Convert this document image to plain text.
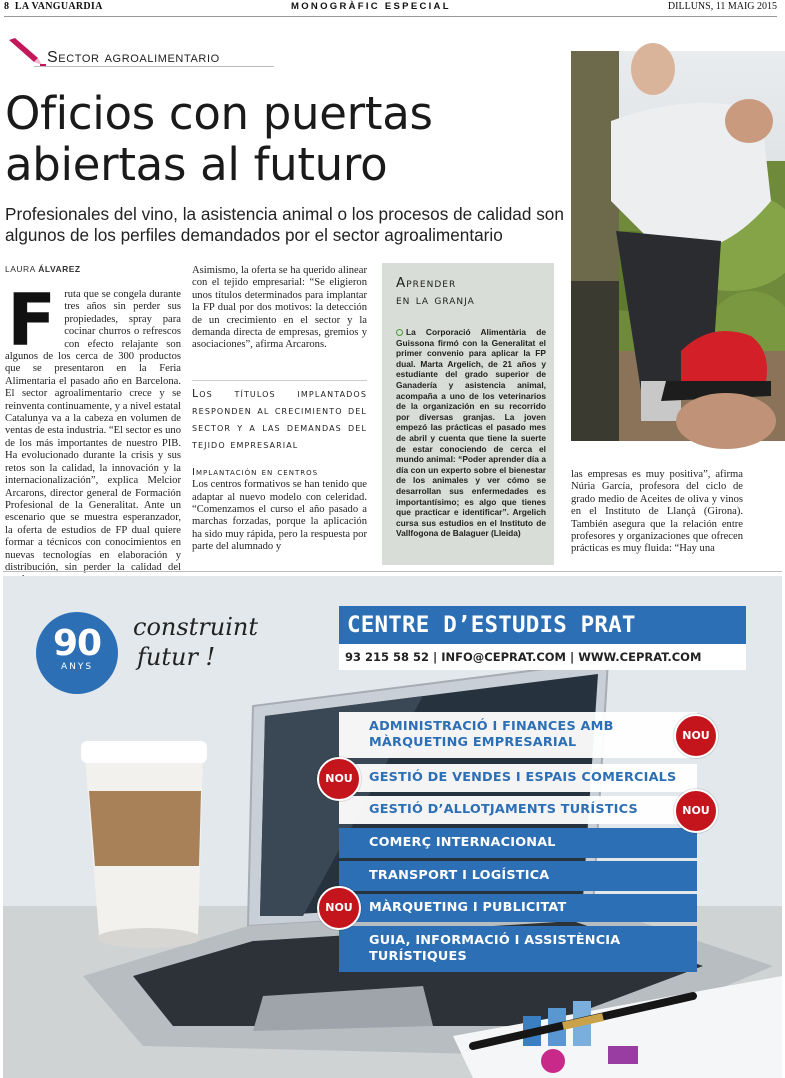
8 LA VANGUARDIA	MONOGRÀFIC ESPECIAL	DILLUNS, 11 MAIG 2015
Sector agroalimentario
Oficios con puertas
abiertas al futuro
Profesionales del vino, la asistencia animal o los procesos de calidad son algunos de los perfiles demandados por el sector agroalimentario
LAURA ÁLVAREZ
F ruta que se congela durante tres años sin perder sus propiedades, spray para cocinar churros o refrescos con efecto relajante son algunos de los cerca de 300 productos que se presentaron en la Feria Alimentaria el pasado año en Barcelona. El sector agroalimentario crece y se reinventa continuamente, y a nivel estatal Catalunya va a la cabeza en volumen de ventas de esta industria. “El sector es uno de los más importantes de nuestro PIB. Ha evolucionado durante la crisis y sus retos son la calidad, la innovación y la internacionalización”, explica Melcior Arcarons, director general de Formación Profesional de la Generalitat. Ante un escenario que se muestra esperanzador, la oferta de estudios de FP dual quiere formar a técnicos con conocimientos en nuevas tecnologías en elaboración y distribución, sin perder la calidad del

Asimismo, la oferta se ha querido alinear con el tejido empresarial: “Se eligieron unos títulos determinados para implantar la FP dual por dos motivos: la detección de un crecimiento en el sector y la demanda directa de empresas, gremios y asociaciones”, afirma Arcarons.

Los títulos implantados responden al crecimiento del sector y a las demandas del tejido empresarial
Implantación en centros

Los centros formativos se han tenido que adaptar al nuevo modelo con celeridad. “Comenzamos el curso el año pasado a marchas forzadas, porque la aplicación ha sido muy rápida, pero la respuesta por parte del alumnado y

Aprender
en la granja
La Corporació Alimentària de Guissona firmó con la Generalitat el primer convenio para aplicar la FP dual. Marta Argelich, de 21 años y estudiante del grado superior de Ganadería y asistencia animal, acompaña a uno de los veterinarios de la organización en su recorrido por diversas granjas. La joven empezó las prácticas el pasado mes de abril y cuenta que tiene la suerte de estar conociendo de cerca el mundo animal: “Poder aprender día a día con un experto sobre el bienestar de los animales y ver cómo se desarrollan sus enfermedades es importantísimo; es algo que tienes que practicar e identificar”. Argelich cursa sus estudios en el Instituto de Vallfogona de Balaguer (Lleida)
las empresas es muy positiva”, afirma Núria García, profesora del ciclo de grado medio de Aceites de oliva y vinos en el Instituto de Llançà (Girona). También asegura que la relación entre profesores y organizaciones que ofrecen prácticas es muy fluida: “Hay una
90
ANYS
construint
futur !
CENTRE D’ESTUDIS PRAT
93 215 58 52 | INFO@CEPRAT.COM | WWW.CEPRAT.COM
ADMINISTRACIÓ I FINANCES AMB
MÀRQUETING EMPRESARIAL
GESTIÓ DE VENDES I ESPAIS COMERCIALS
GESTIÓ D’ALLOTJAMENTS TURÍSTICS
COMERÇ INTERNACIONAL
TRANSPORT I LOGÍSTICA
MÀRQUETING I PUBLICITAT
GUIA, INFORMACIÓ I ASSISTÈNCIA
TURÍSTIQUES
NOU
NOU
NOU
NOU
